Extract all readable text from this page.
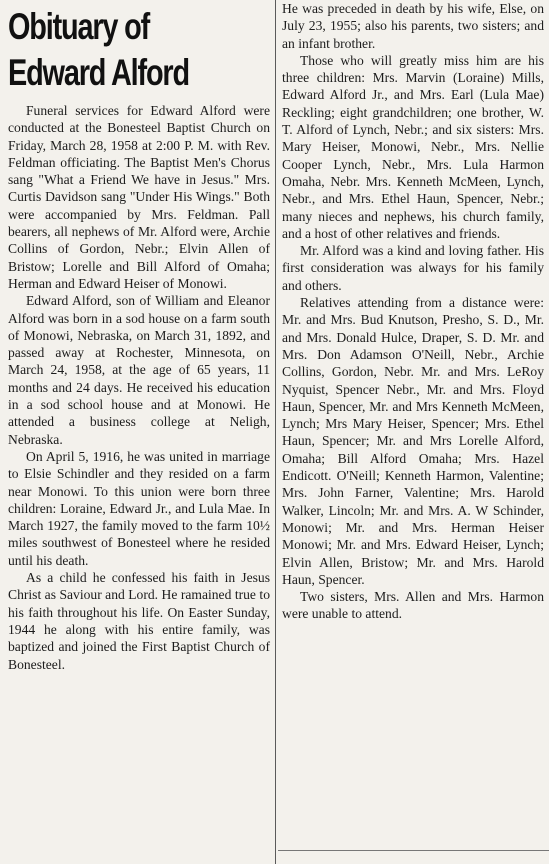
Obituary of
Edward Alford

Funeral services for Edward Alford were conducted at the Bonesteel Baptist Church on Friday, March 28, 1958 at 2:00 P. M. with Rev. Feldman officiating. The Baptist Men's Chorus sang "What a Friend We have in Jesus." Mrs. Curtis Davidson sang "Under His Wings." Both were accompanied by Mrs. Feldman. Pall bearers, all nephews of Mr. Alford were, Archie Collins of Gordon, Nebr.; Elvin Allen of Bristow; Lorelle and Bill Alford of Omaha; Herman and Edward Heiser of Monowi.

Edward Alford, son of William and Eleanor Alford was born in a sod house on a farm south of Monowi, Nebraska, on March 31, 1892, and passed away at Rochester, Minnesota, on March 24, 1958, at the age of 65 years, 11 months and 24 days. He received his education in a sod school house and at Monowi. He attended a business college at Neligh, Nebraska.

On April 5, 1916, he was united in marriage to Elsie Schindler and they resided on a farm near Monowi. To this union were born three children: Loraine, Edward Jr., and Lula Mae. In March 1927, the family moved to the farm 10½ miles southwest of Bonesteel where he resided until his death.

As a child he confessed his faith in Jesus Christ as Saviour and Lord. He ramained true to his faith throughout his life. On Easter Sunday, 1944 he along with his entire family, was baptized and joined the First Baptist Church of Bonesteel.

He was preceded in death by his wife, Else, on July 23, 1955; also his parents, two sisters; and an infant brother.

Those who will greatly miss him are his three children: Mrs. Marvin (Loraine) Mills, Edward Alford Jr., and Mrs. Earl (Lula Mae) Reckling; eight grandchildren; one brother, W. T. Alford of Lynch, Nebr.; and six sisters: Mrs. Mary Heiser, Monowi, Nebr., Mrs. Nellie Cooper Lynch, Nebr., Mrs. Lula Harmon Omaha, Nebr. Mrs. Kenneth McMeen, Lynch, Nebr., and Mrs. Ethel Haun, Spencer, Nebr.; many nieces and nephews, his church family, and a host of other relatives and friends.

Mr. Alford was a kind and loving father. His first consideration was always for his family and others.

Relatives attending from a distance were: Mr. and Mrs. Bud Knutson, Presho, S. D., Mr. and Mrs. Donald Hulce, Draper, S. D. Mr. and Mrs. Don Adamson O'Neill, Nebr., Archie Collins, Gordon, Nebr. Mr. and Mrs. LeRoy Nyquist, Spencer Nebr., Mr. and Mrs. Floyd Haun, Spencer, Mr. and Mrs Kenneth McMeen, Lynch; Mrs Mary Heiser, Spencer; Mrs. Ethel Haun, Spencer; Mr. and Mrs Lorelle Alford, Omaha; Bill Alford Omaha; Mrs. Hazel Endicott. O'Neill; Kenneth Harmon, Valentine; Mrs. John Farner, Valentine; Mrs. Harold Walker, Lincoln; Mr. and Mrs. A. W Schinder, Monowi; Mr. and Mrs. Herman Heiser Monowi; Mr. and Mrs. Edward Heiser, Lynch; Elvin Allen, Bristow; Mr. and Mrs. Harold Haun, Spencer.

Two sisters, Mrs. Allen and Mrs. Harmon were unable to attend.
